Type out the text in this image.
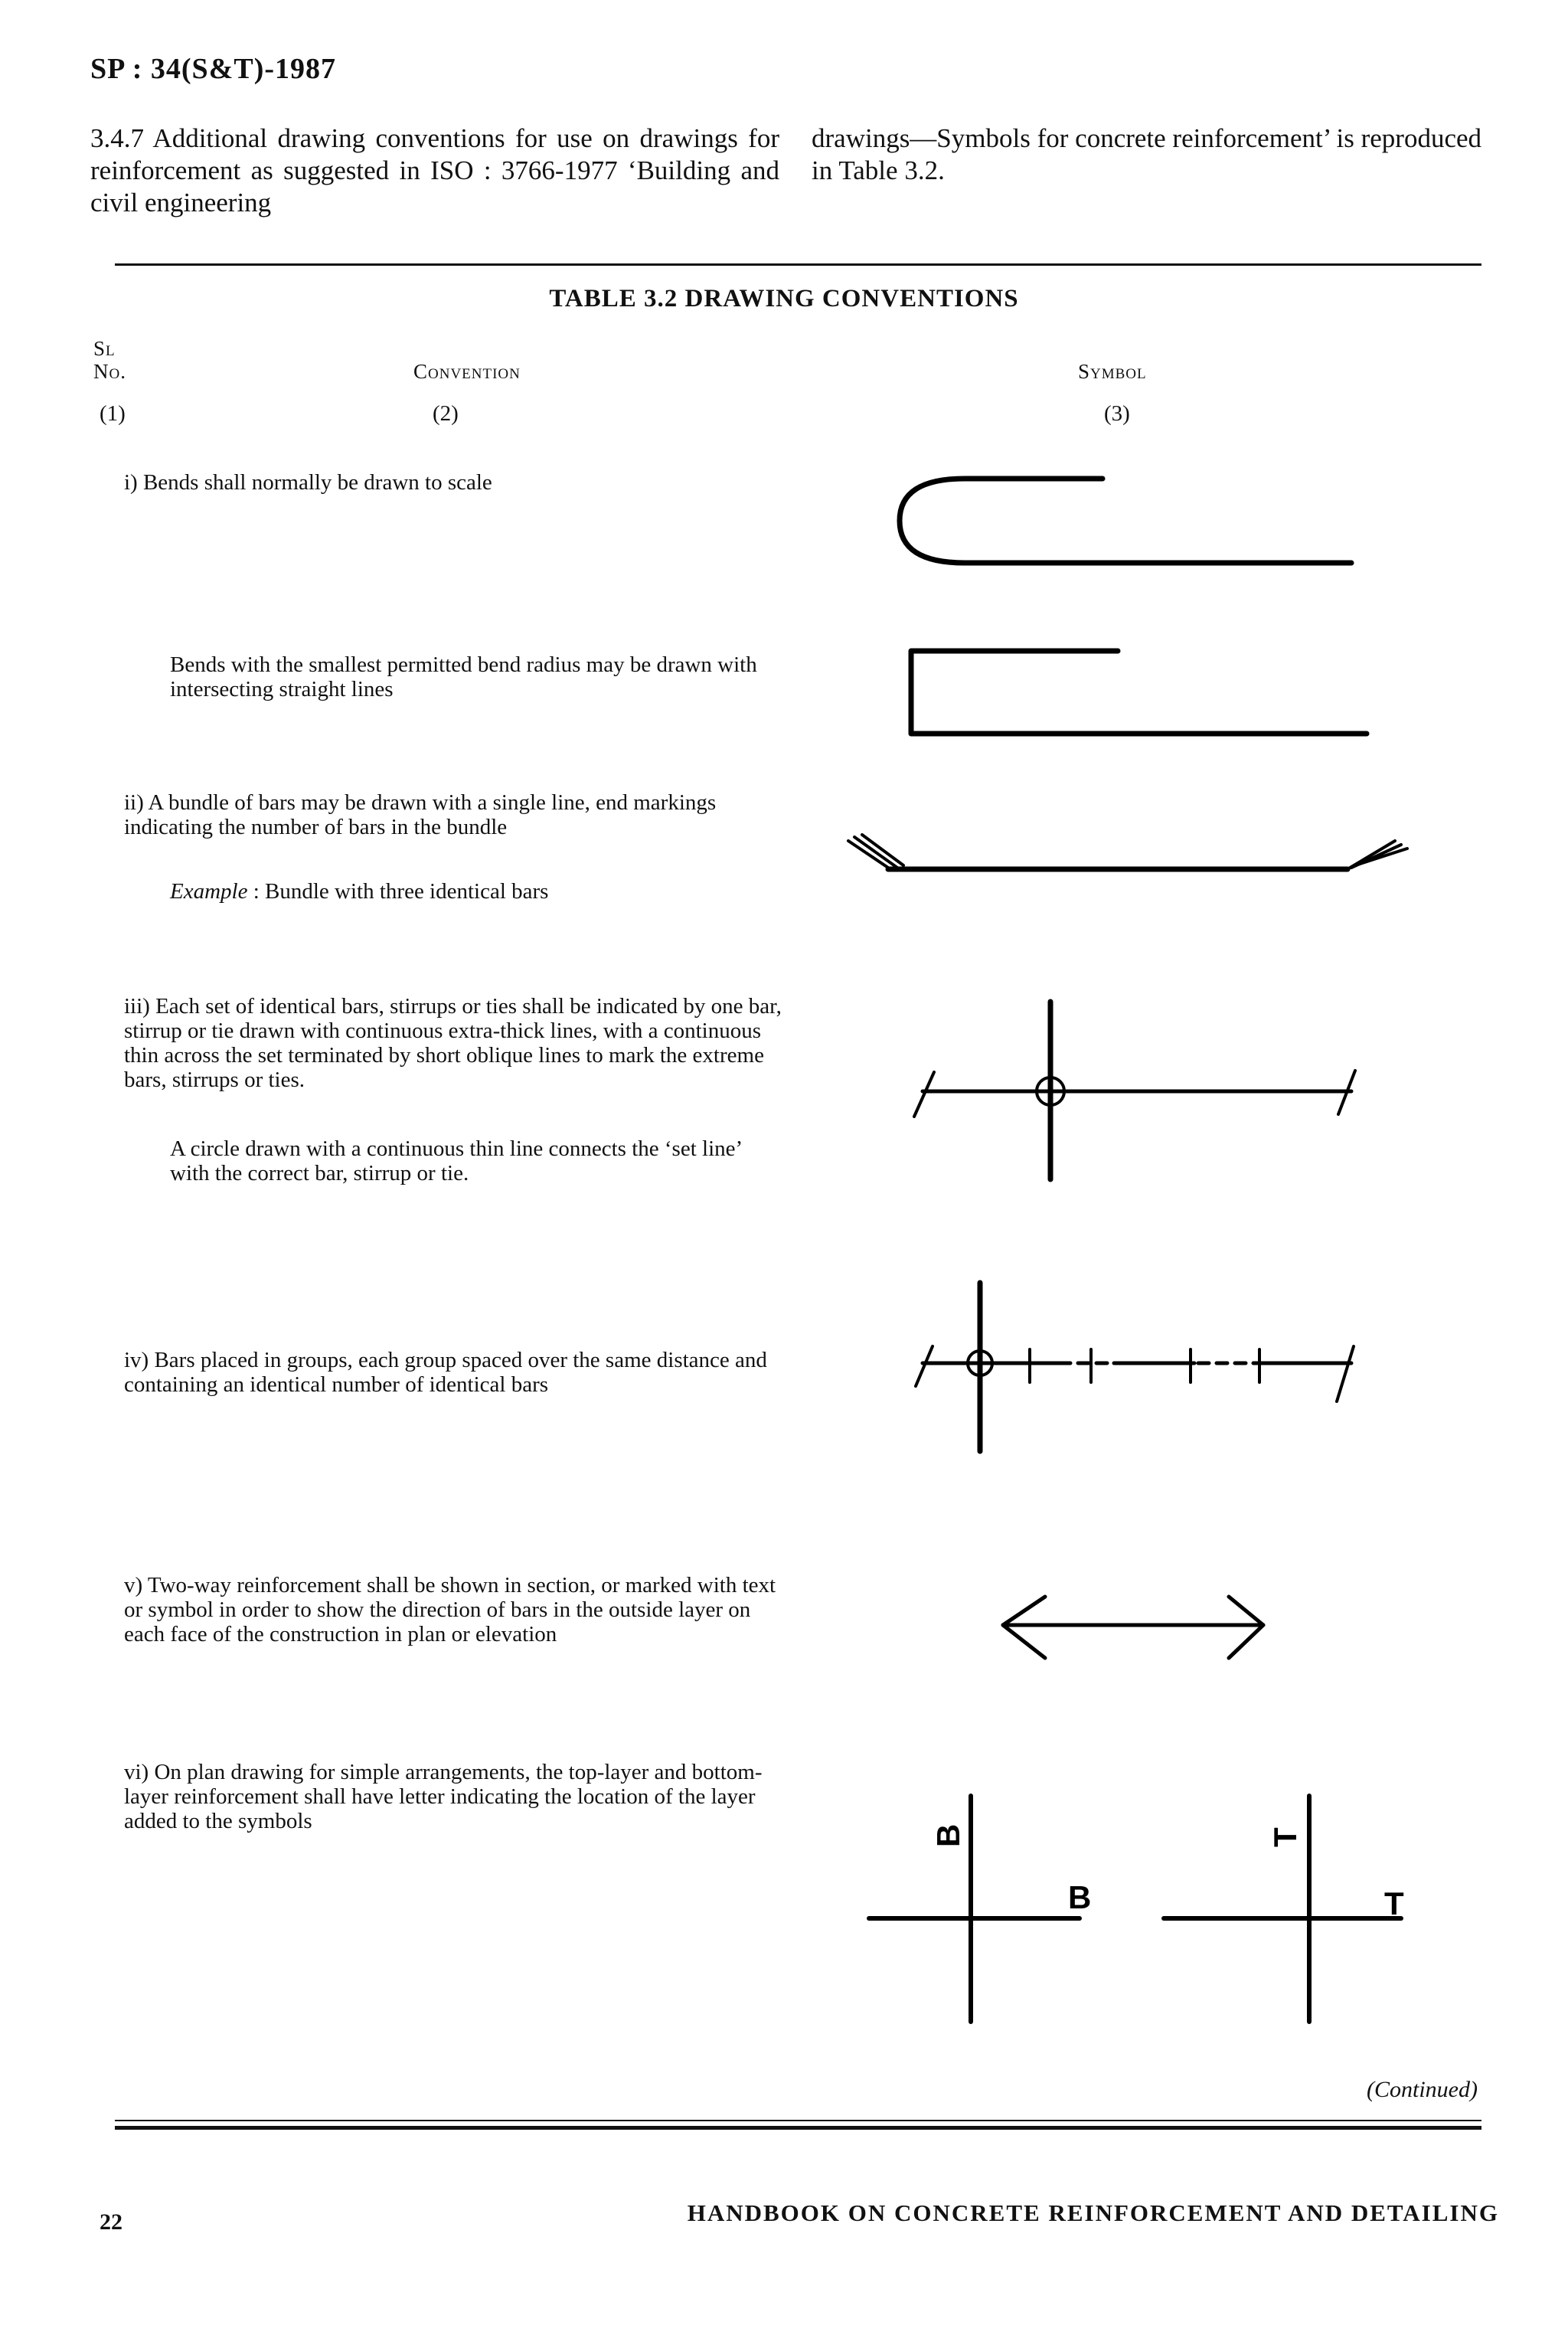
SP : 34(S&T)-1987
3.4.7 Additional drawing conventions for use on drawings for reinforcement as suggested in ISO : 3766-1977 ‘Building and civil engineering
drawings—Symbols for concrete reinforcement’ is reproduced in Table 3.2.
TABLE 3.2 DRAWING CONVENTIONS
Sl
No.	Convention	Symbol
(1)	(2)	(3)
i) Bends shall normally be drawn to scale
B
B
T
T
Bends with the smallest permitted bend radius may be drawn with intersecting straight lines
ii) A bundle of bars may be drawn with a single line, end markings indicating the number of bars in the bundle
Example : Bundle with three identical bars
iii) Each set of identical bars, stirrups or ties shall be indicated by one bar, stirrup or tie drawn with continuous extra-thick lines, with a continuous thin across the set terminated by short oblique lines to mark the extreme bars, stirrups or ties.
A circle drawn with a continuous thin line connects the ‘set line’ with the correct bar, stirrup or tie.
iv) Bars placed in groups, each group spaced over the same distance and containing an identical number of identical bars
v) Two-way reinforcement shall be shown in section, or marked with text or symbol in order to show the direction of bars in the outside layer on each face of the construction in plan or elevation
vi) On plan drawing for simple arrangements, the top-layer and bottom-layer reinforcement shall have letter indicating the location of the layer added to the symbols
(Continued)
22	HANDBOOK ON CONCRETE REINFORCEMENT AND DETAILING
